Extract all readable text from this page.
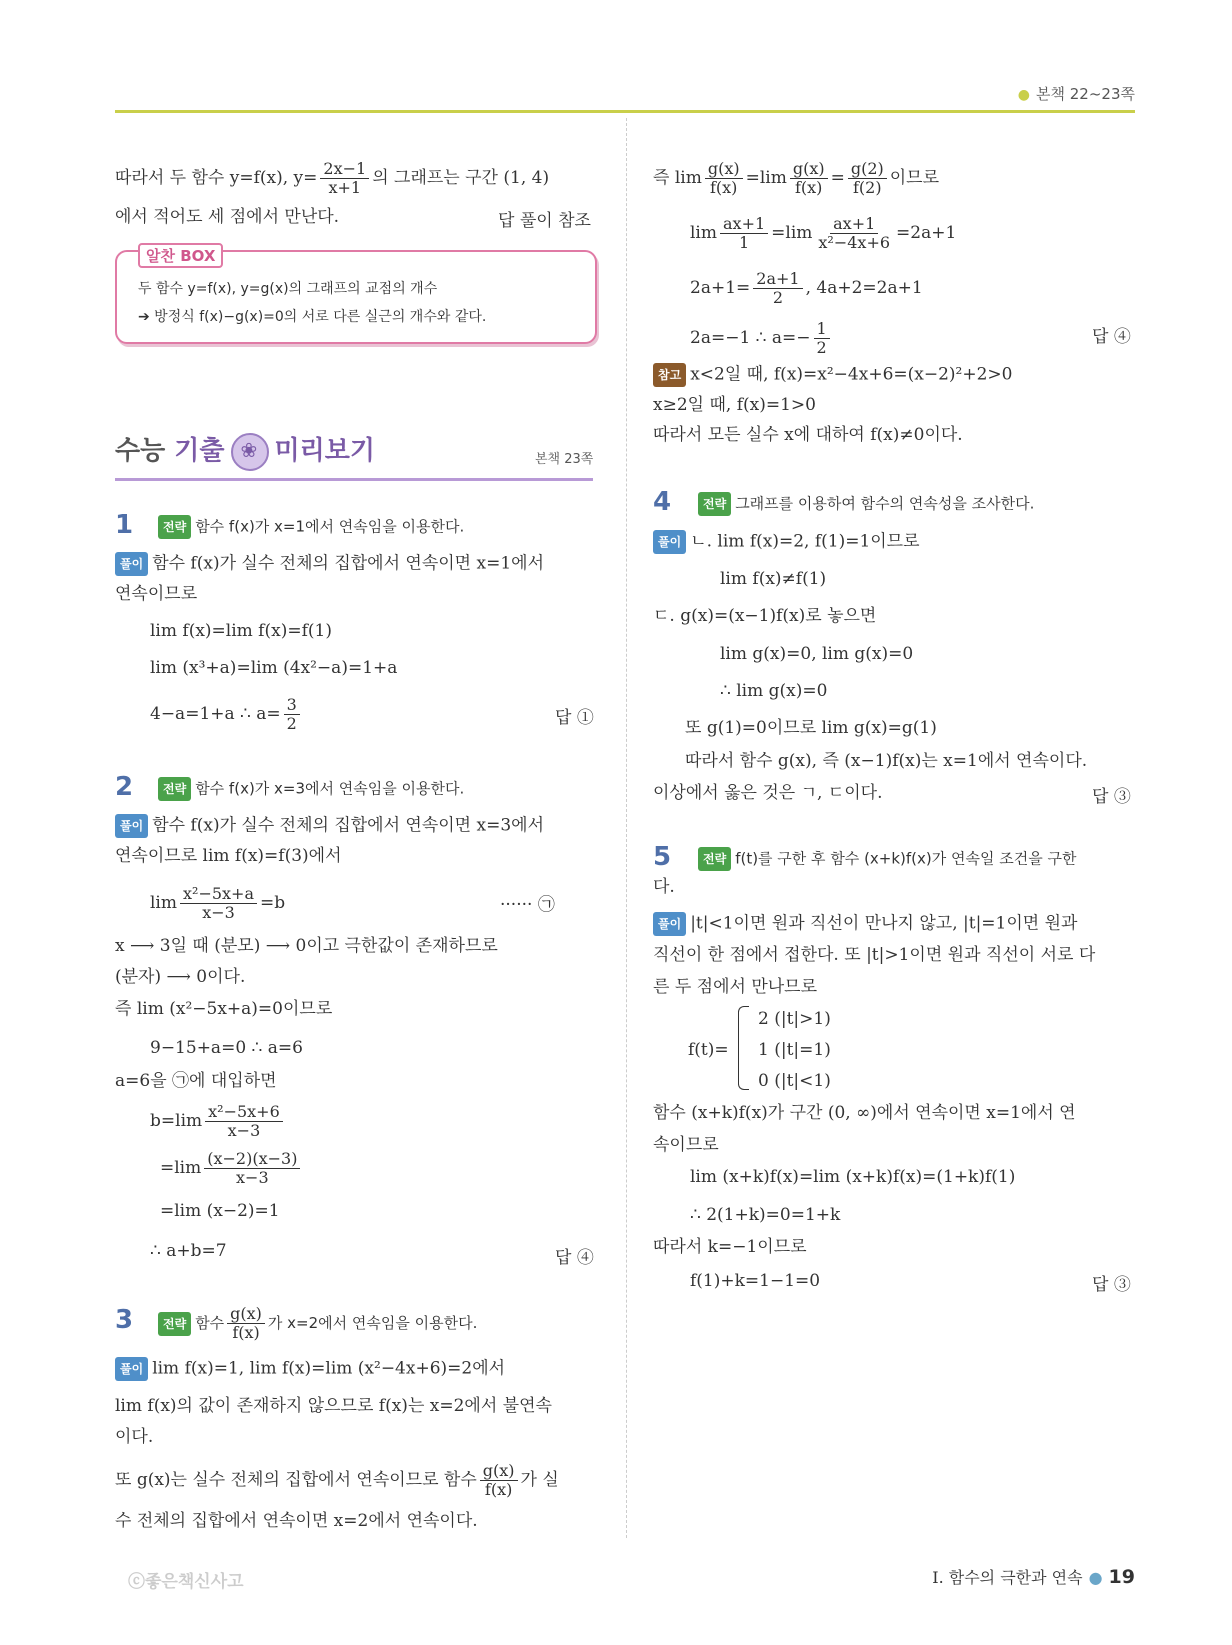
● 본책 22~23쪽
따라서 두 함수 y=f(x), $y= \frac{2x-1}{x+1}$ 의 그래프는 구간 (1, 4)
에서 적어도 세 점에서 만난다.	답 풀이 참조
알찬 BOX
두 함수 y=f(x), y=g(x)의 그래프의 교점의 개수
➔ 방정식 f(x)−g(x)=0의 서로 다른 실근의 개수와 같다.
수능 기출❀ 미리보기	본책 23쪽
1	전략 함수 f(x)가 x=1에서 연속임을 이용한다.
풀이 함수 f(x)가 실수 전체의 집합에서 연속이면 x=1에서
연속이므로
lim f(x)=lim f(x)=f(1)
lim (x³+a)=lim (4x²−a)=1+a
4−a=1+a ∴ $a= \frac{3}{2}$	답 ①
2	전략 함수 f(x)가 x=3에서 연속임을 이용한다.
풀이 함수 f(x)가 실수 전체의 집합에서 연속이면 x=3에서
연속이므로 lim f(x)=f(3)에서
$\lim \frac{\text{x²−5x+a}}{x-3} =b$	······ ㉠
x ⟶ 3일 때 (분모) ⟶ 0이고 극한값이 존재하므로
(분자) ⟶ 0이다.
즉 lim (x²−5x+a)=0이므로
9−15+a=0 ∴ a=6
a=6을 ㉠에 대입하면
$b=\lim \frac{\text{x²−5x+6}}{x-3}$
$=\lim \frac{(x-2)(x-3)}{x-3}$
=lim (x−2)=1
∴ a+b=7	답 ④
3	전략 함수 $\frac{g(x)}{f(x)}$ 가 x=2에서 연속임을 이용한다.
풀이 lim f(x)=1, lim f(x)=lim (x²−4x+6)=2에서
lim f(x)의 값이 존재하지 않으므로 f(x)는 x=2에서 불연속
이다.
또 g(x)는 실수 전체의 집합에서 연속이므로 함수 $\frac{g(x)}{f(x)}$ 가 실
수 전체의 집합에서 연속이면 x=2에서 연속이다.
즉 $\lim \frac{g(x)}{f(x)} =\lim \frac{g(x)}{f(x)} = \frac{g(2)}{f(2)}$ 이므로
$\lim \frac{ax+1}{1} =\lim \frac{ax+1}{\text{x²−4x+6}} =2a+1$
$2a+1= \frac{2a+1}{2}$ , 4a+2=2a+1
2a=−1 ∴ $a=- \frac{1}{2}$	답 ④
참고 x<2일 때, f(x)=x²−4x+6=(x−2)²+2>0
x≥2일 때, f(x)=1>0
따라서 모든 실수 x에 대하여 f(x)≠0이다.
4	전략 그래프를 이용하여 함수의 연속성을 조사한다.
풀이 ㄴ. lim f(x)=2, f(1)=1이므로
lim f(x)≠f(1)
ㄷ. g(x)=(x−1)f(x)로 놓으면
lim g(x)=0, lim g(x)=0
∴ lim g(x)=0
또 g(1)=0이므로 lim g(x)=g(1)
따라서 함수 g(x), 즉 (x−1)f(x)는 x=1에서 연속이다.
이상에서 옳은 것은 ㄱ, ㄷ이다.	답 ③
5	전략 f(t)를 구한 후 함수 (x+k)f(x)가 연속일 조건을 구한
다.
풀이 |t|<1이면 원과 직선이 만나지 않고, |t|=1이면 원과
직선이 한 점에서 접한다. 또 |t|>1이면 원과 직선이 서로 다
른 두 점에서 만나므로
f(t)=
2 (|t|>1)
1 (|t|=1)
0 (|t|<1)
함수 (x+k)f(x)가 구간 (0, ∞)에서 연속이면 x=1에서 연
속이므로
lim (x+k)f(x)=lim (x+k)f(x)=(1+k)f(1)
∴ 2(1+k)=0=1+k
따라서 k=−1이므로
f(1)+k=1−1=0	답 ③
ⓒ좋은책신사고	Ⅰ. 함수의 극한과 연속 ● 19
